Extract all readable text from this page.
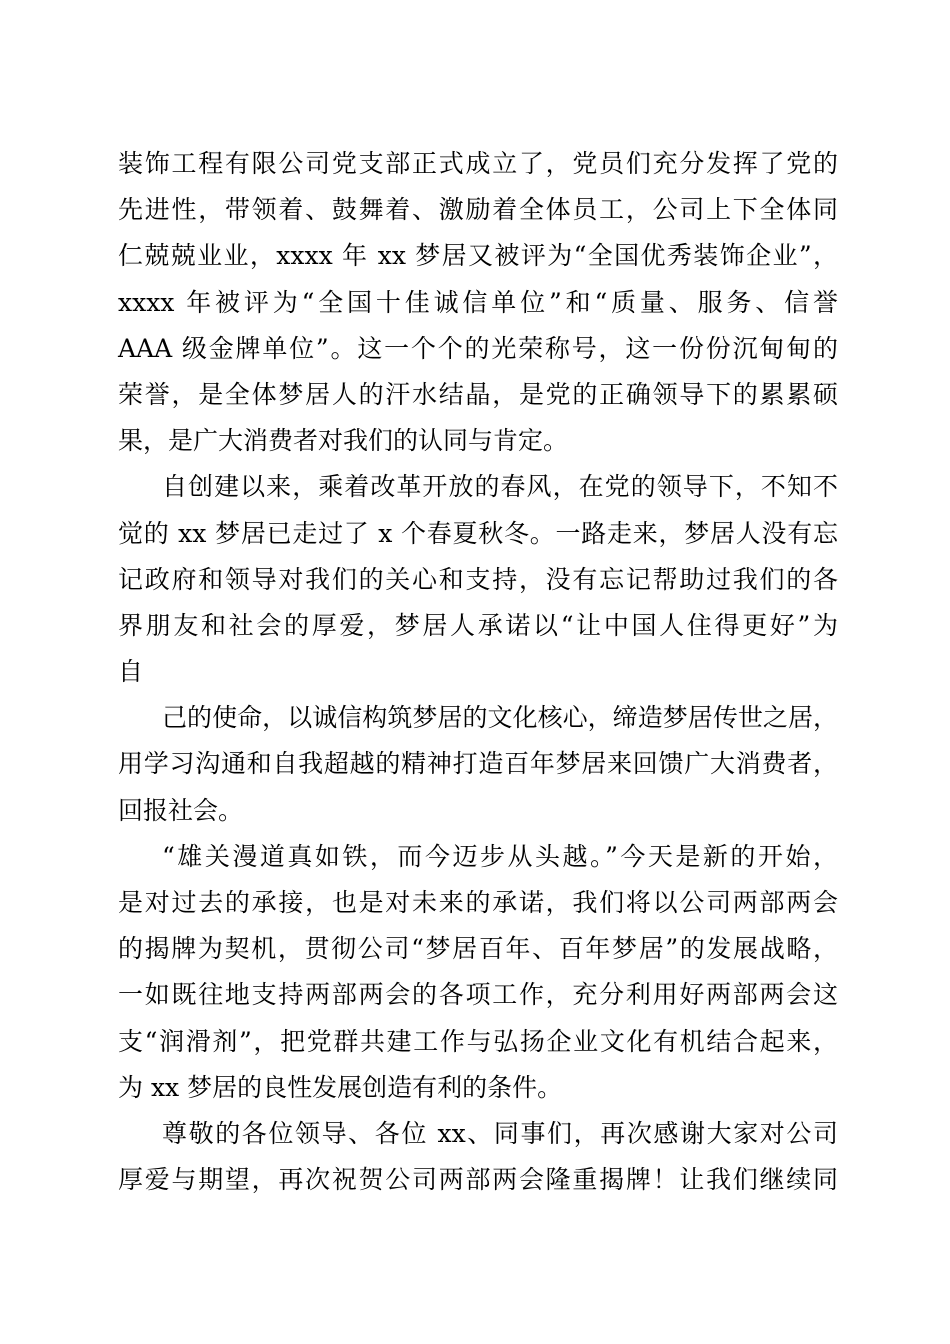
装饰工程有限公司党支部正式成立了，党员们充分发挥了党的
先进性，带领着、鼓舞着、激励着全体员工，公司上下全体同
仁兢兢业业，xxxx 年 xx 梦居又被评为“全国优秀装饰企业”，
xxxx 年被评为“全国十佳诚信单位”和“质量、服务、信誉
AAA 级金牌单位”。这一个个的光荣称号，这一份份沉甸甸的
荣誉，是全体梦居人的汗水结晶，是党的正确领导下的累累硕
果，是广大消费者对我们的认同与肯定。
自创建以来，乘着改革开放的春风，在党的领导下，不知不
觉的 xx 梦居已走过了 x 个春夏秋冬。一路走来，梦居人没有忘
记政府和领导对我们的关心和支持，没有忘记帮助过我们的各
界朋友和社会的厚爱，梦居人承诺以“让中国人住得更好”为
自
己的使命，以诚信构筑梦居的文化核心，缔造梦居传世之居，
用学习沟通和自我超越的精神打造百年梦居来回馈广大消费者，
回报社会。
“雄关漫道真如铁，而今迈步从头越。”今天是新的开始，
是对过去的承接，也是对未来的承诺，我们将以公司两部两会
的揭牌为契机，贯彻公司“梦居百年、百年梦居”的发展战略，
一如既往地支持两部两会的各项工作，充分利用好两部两会这
支“润滑剂”，把党群共建工作与弘扬企业文化有机结合起来，
为 xx 梦居的良性发展创造有利的条件。
尊敬的各位领导、各位 xx、同事们，再次感谢大家对公司
厚爱与期望，再次祝贺公司两部两会隆重揭牌！让我们继续同
